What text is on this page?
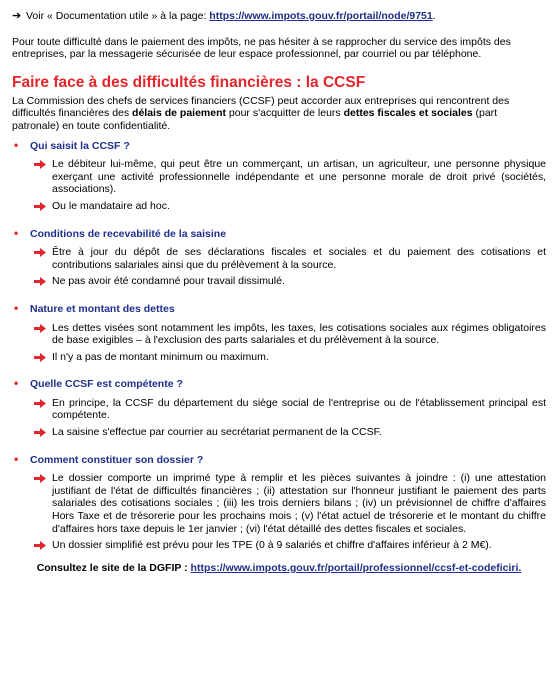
➔ Voir « Documentation utile » à la page: https://www.impots.gouv.fr/portail/node/9751.

Pour toute difficulté dans le paiement des impôts, ne pas hésiter à se rapprocher du service des impôts des entreprises, par la messagerie sécurisée de leur espace professionnel, par courriel ou par téléphone.

Faire face à des difficultés financières : la CCSF

La Commission des chefs de services financiers (CCSF) peut accorder aux entreprises qui rencontrent des difficultés financières des délais de paiement pour s'acquitter de leurs dettes fiscales et sociales (part patronale) en toute confidentialité.

•	Qui saisit la CCSF ?
Le débiteur lui-même, qui peut être un commerçant, un artisan, un agriculteur, une personne physique exerçant une activité professionnelle indépendante et une personne morale de droit privé (sociétés, associations).
Ou le mandataire ad hoc.
•	Conditions de recevabilité de la saisine
Être à jour du dépôt de ses déclarations fiscales et sociales et du paiement des cotisations et contributions salariales ainsi que du prélèvement à la source.
Ne pas avoir été condamné pour travail dissimulé.
•	Nature et montant des dettes
Les dettes visées sont notamment les impôts, les taxes, les cotisations sociales aux régimes obligatoires de base exigibles – à l'exclusion des parts salariales et du prélèvement à la source.
Il n'y a pas de montant minimum ou maximum.
•	Quelle CCSF est compétente ?
En principe, la CCSF du département du siège social de l'entreprise ou de l'établissement principal est compétente.
La saisine s'effectue par courrier au secrétariat permanent de la CCSF.
•	Comment constituer son dossier ?
Le dossier comporte un imprimé type à remplir et les pièces suivantes à joindre : (i) une attestation justifiant de l'état de difficultés financières ; (ii) attestation sur l'honneur justifiant le paiement des parts salariales des cotisations sociales ; (iii) les trois derniers bilans ; (iv) un prévisionnel de chiffre d'affaires Hors Taxe et de trésorerie pour les prochains mois ; (v) l'état actuel de trésorerie et le montant du chiffre d'affaires hors taxe depuis le 1er janvier ; (vi) l'état détaillé des dettes fiscales et sociales.
Un dossier simplifié est prévu pour les TPE (0 à 9 salariés et chiffre d'affaires inférieur à 2 M€).
Consultez le site de la DGFIP : https://www.impots.gouv.fr/portail/professionnel/ccsf-et-codeficiri.
